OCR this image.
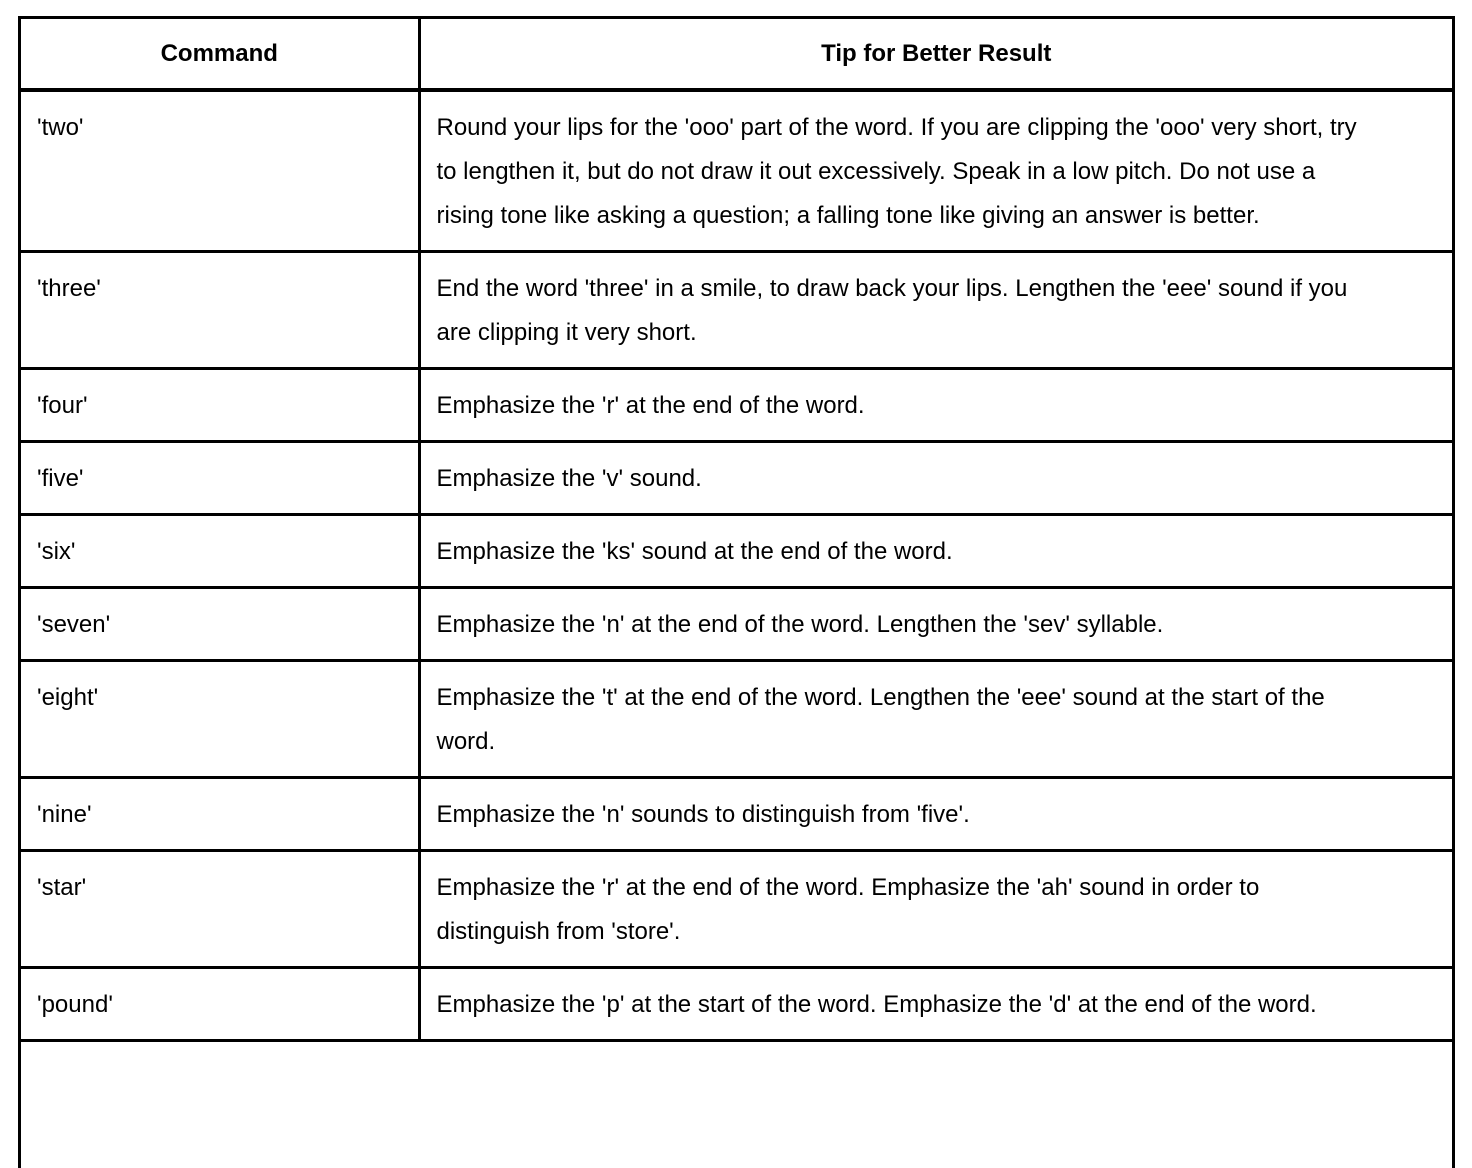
Command	Tip for Better Result
'two'	Round your lips for the 'ooo' part of the word. If you are clipping the 'ooo' very short, try to lengthen it, but do not draw it out excessively. Speak in a low pitch. Do not use a rising tone like asking a question; a falling tone like giving an answer is better.
'three'	End the word 'three' in a smile, to draw back your lips. Lengthen the 'eee' sound if you are clipping it very short.
'four'	Emphasize the 'r' at the end of the word.
'five'	Emphasize the 'v' sound.
'six'	Emphasize the 'ks' sound at the end of the word.
'seven'	Emphasize the 'n' at the end of the word. Lengthen the 'sev' syllable.
'eight'	Emphasize the 't' at the end of the word. Lengthen the 'eee' sound at the start of the word.
'nine'	Emphasize the 'n' sounds to distinguish from 'five'.
'star'	Emphasize the 'r' at the end of the word. Emphasize the 'ah' sound in order to distinguish from 'store'.
'pound'	Emphasize the 'p' at the start of the word. Emphasize the 'd' at the end of the word.
